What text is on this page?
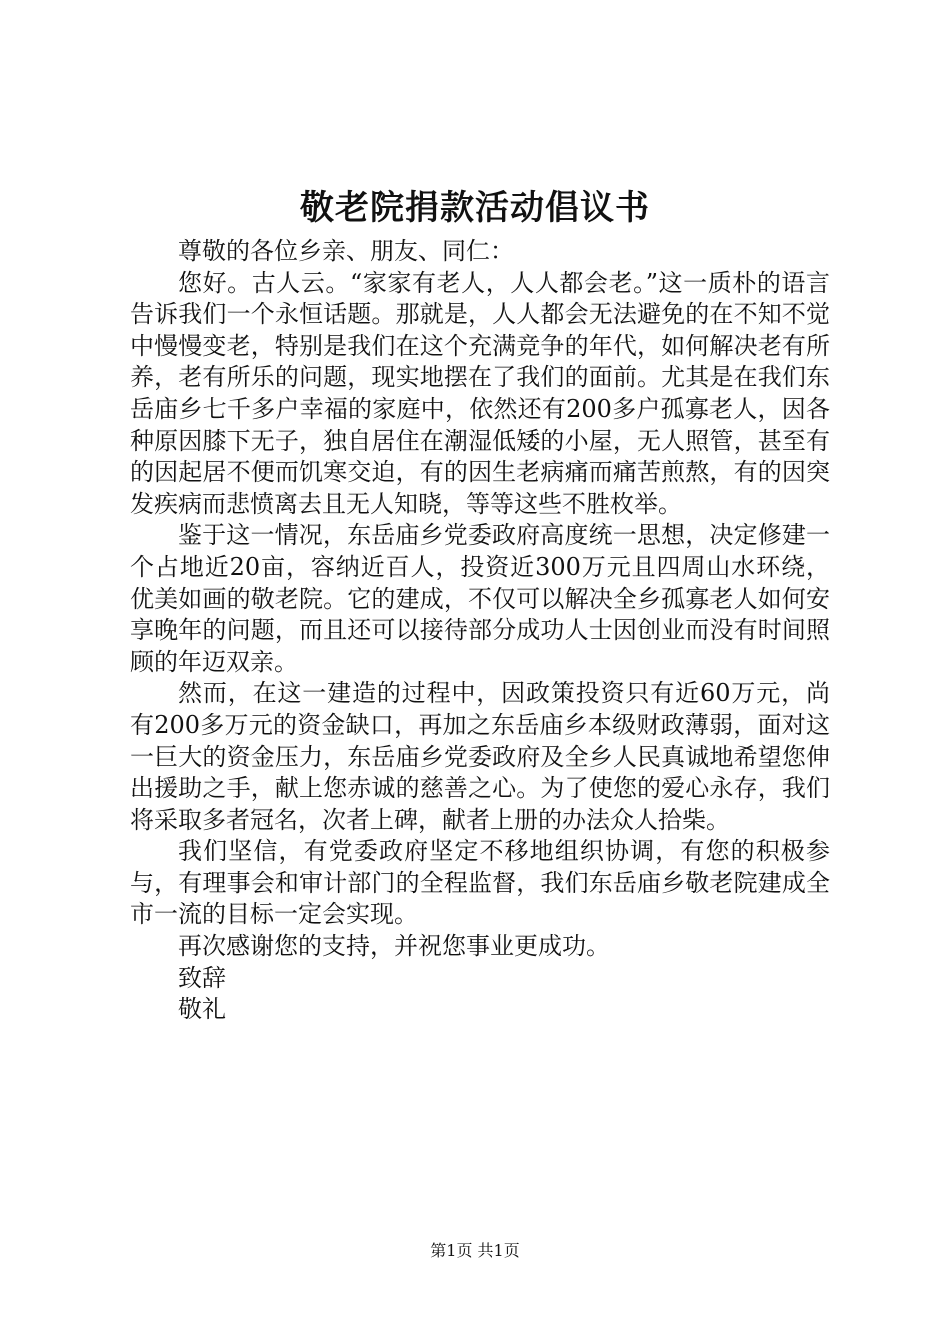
敬老院捐款活动倡议书

尊敬的各位乡亲、朋友、同仁：

您好。古人云。“家家有老人，人人都会老。”这一质朴的语言告诉我们一个永恒话题。那就是，人人都会无法避免的在不知不觉中慢慢变老，特别是我们在这个充满竞争的年代，如何解决老有所养，老有所乐的问题，现实地摆在了我们的面前。尤其是在我们东岳庙乡七千多户幸福的家庭中，依然还有200多户孤寡老人，因各种原因膝下无子，独自居住在潮湿低矮的小屋，无人照管，甚至有的因起居不便而饥寒交迫，有的因生老病痛而痛苦煎熬，有的因突发疾病而悲愤离去且无人知晓，等等这些不胜枚举。

鉴于这一情况，东岳庙乡党委政府高度统一思想，决定修建一个占地近20亩，容纳近百人，投资近300万元且四周山水环绕，优美如画的敬老院。它的建成，不仅可以解决全乡孤寡老人如何安享晚年的问题，而且还可以接待部分成功人士因创业而没有时间照顾的年迈双亲。

然而，在这一建造的过程中，因政策投资只有近60万元，尚有200多万元的资金缺口，再加之东岳庙乡本级财政薄弱，面对这一巨大的资金压力，东岳庙乡党委政府及全乡人民真诚地希望您伸出援助之手，献上您赤诚的慈善之心。为了使您的爱心永存，我们将采取多者冠名，次者上碑，献者上册的办法众人拾柴。

我们坚信，有党委政府坚定不移地组织协调，有您的积极参与，有理事会和审计部门的全程监督，我们东岳庙乡敬老院建成全市一流的目标一定会实现。

再次感谢您的支持，并祝您事业更成功。

致辞

敬礼

第1页 共1页
